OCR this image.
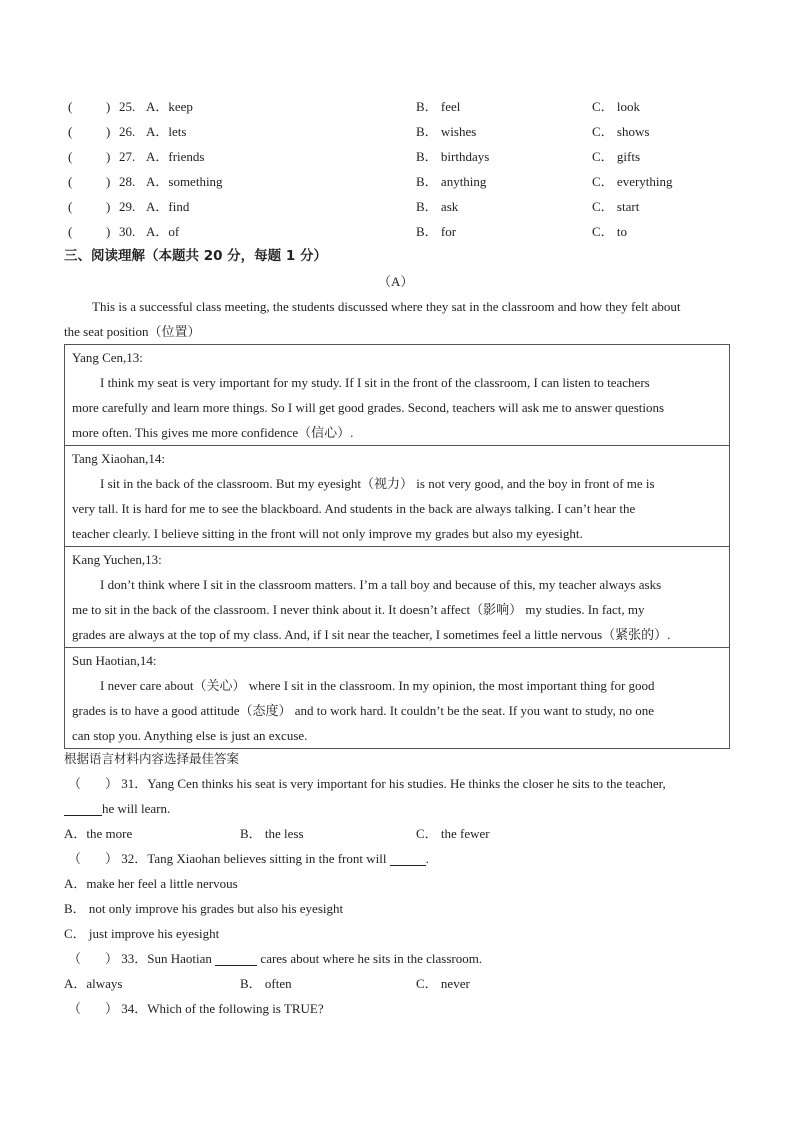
(	) 25. A．keep	B． feel	C． look
(	) 26. A．lets	B． wishes	C． shows
(	) 27. A．friends	B． birthdays	C． gifts
(	) 28. A．something	B． anything	C． everything
(	) 29. A．find	B． ask	C． start
(	) 30. A．of	B． for	C． to
三、阅读理解（本题共 20 分，每题 1 分）
（A）
This is a successful class meeting, the students discussed where they sat in the classroom and how they felt about
the seat position（位置）
Yang Cen,13:
I think my seat is very important for my study. If I sit in the front of the classroom, I can listen to teachers
more carefully and learn more things. So I will get good grades. Second, teachers will ask me to answer questions
more often. This gives me more confidence（信心）.

Tang Xiaohan,14:
I sit in the back of the classroom. But my eyesight（视力） is not very good, and the boy in front of me is
very tall. It is hard for me to see the blackboard. And students in the back are always talking. I can’t hear the
teacher clearly. I believe sitting in the front will not only improve my grades but also my eyesight.

Kang Yuchen,13:
I don’t think where I sit in the classroom matters. I’m a tall boy and because of this, my teacher always asks
me to sit in the back of the classroom. I never think about it. It doesn’t affect（影响） my studies. In fact, my
grades are always at the top of my class. And, if I sit near the teacher, I sometimes feel a little nervous（紧张的）.

Sun Haotian,14:
I never care about（关心） where I sit in the classroom. In my opinion, the most important thing for good
grades is to have a good attitude（态度） and to work hard. It couldn’t be the seat. If you want to study, no one
can stop you. Anything else is just an excuse.
根据语言材料内容选择最佳答案
（ ） 31．Yang Cen thinks his seat is very important for his studies. He thinks the closer he sits to the teacher,
he will learn.
A．the more	B． the less	C． the fewer
（ ） 32．Tang Xiaohan believes sitting in the front will	.
A．make her feel a little nervous
B． not only improve his grades but also his eyesight
C． just improve his eyesight
（ ） 33．Sun Haotian	cares about where he sits in the classroom.
A．always	B． often	C． never
（ ） 34．Which of the following is TRUE?
